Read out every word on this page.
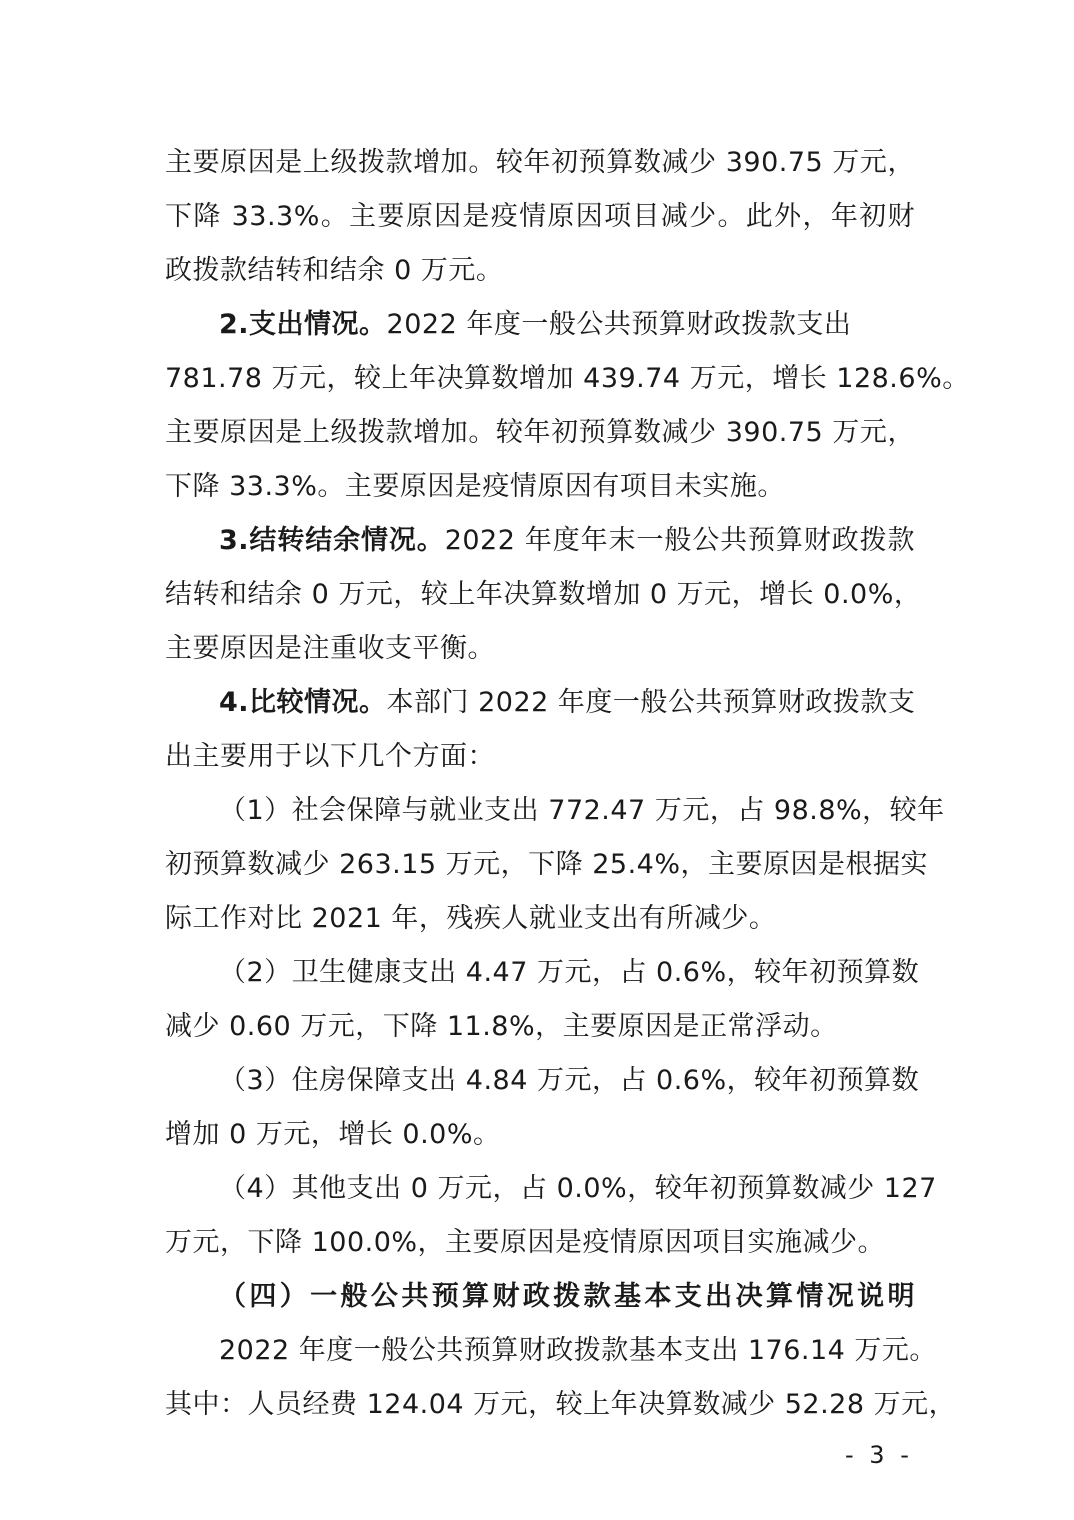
主要原因是上级拨款增加。较年初预算数减少 390.75 万元，
下降 33.3%。主要原因是疫情原因项目减少。此外，年初财
政拨款结转和结余 0 万元。
2.支出情况。2022 年度一般公共预算财政拨款支出
781.78 万元，较上年决算数增加 439.74 万元，增长 128.6%。
主要原因是上级拨款增加。较年初预算数减少 390.75 万元，
下降 33.3%。主要原因是疫情原因有项目未实施。
3.结转结余情况。2022 年度年末一般公共预算财政拨款
结转和结余 0 万元，较上年决算数增加 0 万元，增长 0.0%，
主要原因是注重收支平衡。
4.比较情况。本部门 2022 年度一般公共预算财政拨款支
出主要用于以下几个方面：
（1）社会保障与就业支出 772.47 万元，占 98.8%，较年
初预算数减少 263.15 万元，下降 25.4%，主要原因是根据实
际工作对比 2021 年，残疾人就业支出有所减少。
（2）卫生健康支出 4.47 万元，占 0.6%，较年初预算数
减少 0.60 万元，下降 11.8%，主要原因是正常浮动。
（3）住房保障支出 4.84 万元，占 0.6%，较年初预算数
增加 0 万元，增长 0.0%。
（4）其他支出 0 万元，占 0.0%，较年初预算数减少 127
万元，下降 100.0%，主要原因是疫情原因项目实施减少。
（四）一般公共预算财政拨款基本支出决算情况说明
2022 年度一般公共预算财政拨款基本支出 176.14 万元。
其中：人员经费 124.04 万元，较上年决算数减少 52.28 万元，
- 3 -
